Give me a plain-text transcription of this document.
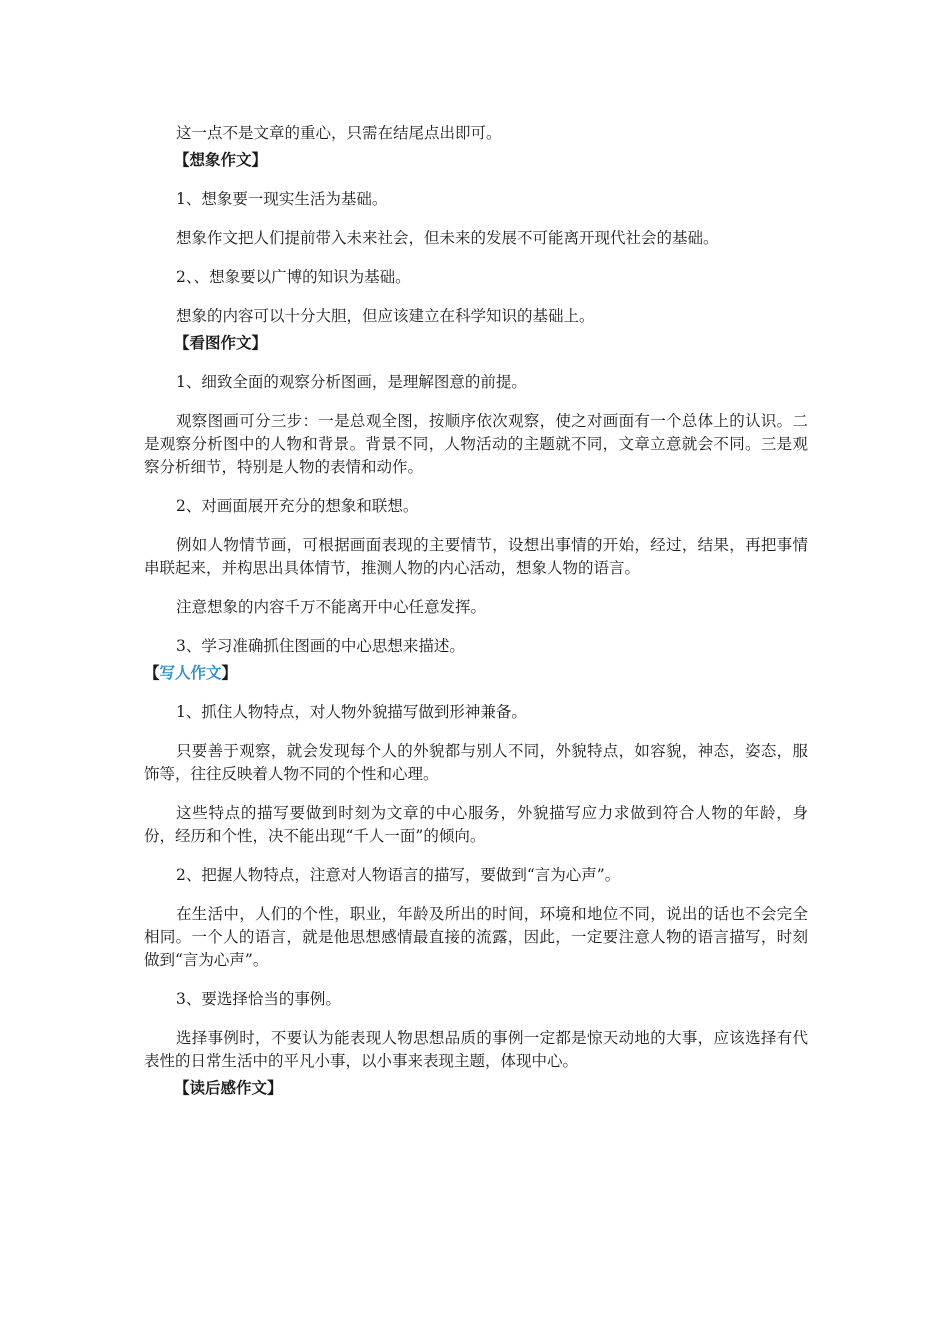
这一点不是文章的重心，只需在结尾点出即可。

【想象作文】

1、想象要一现实生活为基础。

想象作文把人们提前带入未来社会，但未来的发展不可能离开现代社会的基础。

2、、想象要以广博的知识为基础。

想象的内容可以十分大胆，但应该建立在科学知识的基础上。

【看图作文】

1、细致全面的观察分析图画，是理解图意的前提。

观察图画可分三步：一是总观全图，按顺序依次观察，使之对画面有一个总体上的认识。二是观察分析图中的人物和背景。背景不同，人物活动的主题就不同，文章立意就会不同。三是观察分析细节，特别是人物的表情和动作。

2、对画面展开充分的想象和联想。

例如人物情节画，可根据画面表现的主要情节，设想出事情的开始，经过，结果，再把事情串联起来，并构思出具体情节，推测人物的内心活动，想象人物的语言。

注意想象的内容千万不能离开中心任意发挥。

3、学习准确抓住图画的中心思想来描述。

【写人作文】

1、抓住人物特点，对人物外貌描写做到形神兼备。

只要善于观察，就会发现每个人的外貌都与别人不同，外貌特点，如容貌，神态，姿态，服饰等，往往反映着人物不同的个性和心理。

这些特点的描写要做到时刻为文章的中心服务，外貌描写应力求做到符合人物的年龄，身份，经历和个性，决不能出现“千人一面”的倾向。

2、把握人物特点，注意对人物语言的描写，要做到“言为心声”。

在生活中，人们的个性，职业，年龄及所出的时间，环境和地位不同，说出的话也不会完全相同。一个人的语言，就是他思想感情最直接的流露，因此，一定要注意人物的语言描写，时刻做到“言为心声”。

3、要选择恰当的事例。

选择事例时，不要认为能表现人物思想品质的事例一定都是惊天动地的大事，应该选择有代表性的日常生活中的平凡小事，以小事来表现主题，体现中心。

【读后感作文】
